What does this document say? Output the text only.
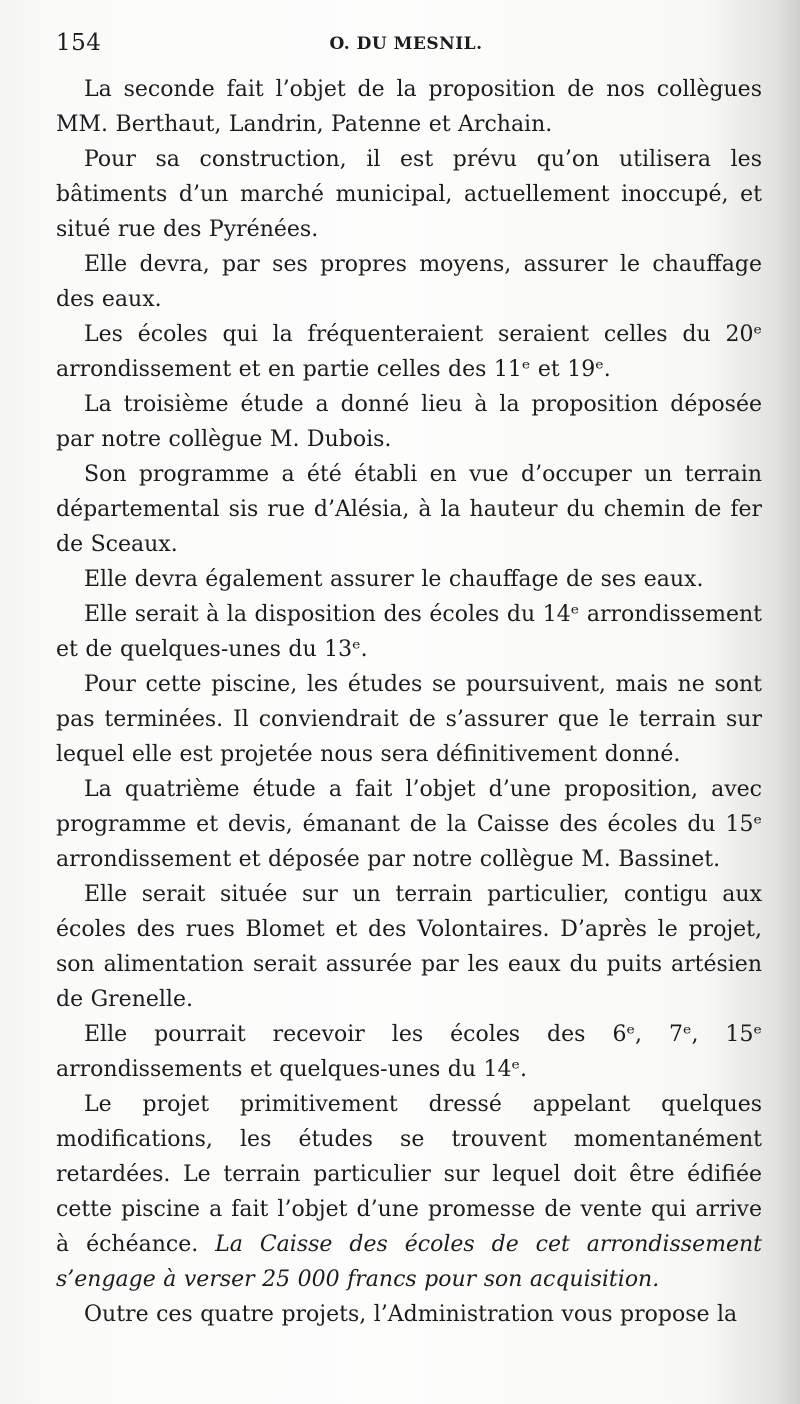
154	O. DU MESNIL.

La seconde fait l’objet de la proposition de nos collègues MM. Berthaut, Landrin, Patenne et Archain.

Pour sa construction, il est prévu qu’on utilisera les bâtiments d’un marché municipal, actuellement inoccupé, et situé rue des Pyrénées.

Elle devra, par ses propres moyens, assurer le chauffage des eaux.

Les écoles qui la fréquenteraient seraient celles du 20ᵉ arrondissement et en partie celles des 11ᵉ et 19ᵉ.

La troisième étude a donné lieu à la proposition déposée par notre collègue M. Dubois.

Son programme a été établi en vue d’occuper un terrain départemental sis rue d’Alésia, à la hauteur du chemin de fer de Sceaux.

Elle devra également assurer le chauffage de ses eaux.

Elle serait à la disposition des écoles du 14ᵉ arrondissement et de quelques-unes du 13ᵉ.

Pour cette piscine, les études se poursuivent, mais ne sont pas terminées. Il conviendrait de s’assurer que le terrain sur lequel elle est projetée nous sera définitivement donné.

La quatrième étude a fait l’objet d’une proposition, avec programme et devis, émanant de la Caisse des écoles du 15ᵉ arrondissement et déposée par notre collègue M. Bassinet.

Elle serait située sur un terrain particulier, contigu aux écoles des rues Blomet et des Volontaires. D’après le projet, son alimentation serait assurée par les eaux du puits artésien de Grenelle.

Elle pourrait recevoir les écoles des 6ᵉ, 7ᵉ, 15ᵉ arrondissements et quelques-unes du 14ᵉ.

Le projet primitivement dressé appelant quelques modifications, les études se trouvent momentanément retardées. Le terrain particulier sur lequel doit être édifiée cette piscine a fait l’objet d’une promesse de vente qui arrive à échéance. La Caisse des écoles de cet arrondissement s’engage à verser 25 000 francs pour son acquisition.

Outre ces quatre projets, l’Administration vous propose la
